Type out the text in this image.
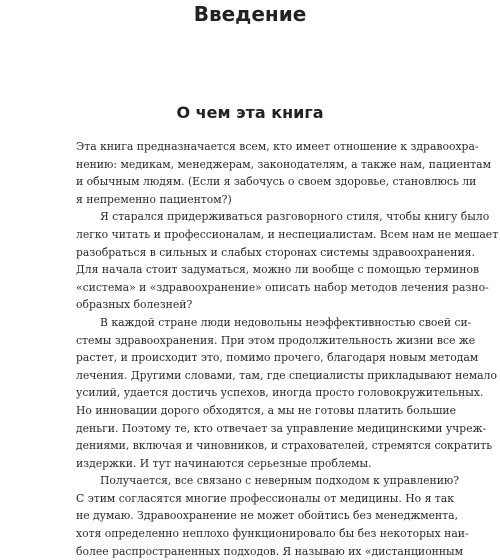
Введение
О чем эта книга

Эта книга предназначается всем, кто имеет отношение к здравоохра-
нению: медикам, менеджерам, законодателям, а также нам, пациентам
и обычным людям. (Если я забочусь о своем здоровье, становлюсь ли
я непременно пациентом?)

Я старался придерживаться разговорного стиля, чтобы книгу было
легко читать и профессионалам, и неспециалистам. Всем нам не мешает
разобраться в сильных и слабых сторонах системы здравоохранения.
Для начала стоит задуматься, можно ли вообще с помощью терминов
«система» и «здравоохранение» описать набор методов лечения разно-
образных болезней?

В каждой стране люди недовольны неэффективностью своей си-
стемы здравоохранения. При этом продолжительность жизни все же
растет, и происходит это, помимо прочего, благодаря новым методам
лечения. Другими словами, там, где специалисты прикладывают немало
усилий, удается достичь успехов, иногда просто головокружительных.
Но инновации дорого обходятся, а мы не готовы платить большие
деньги. Поэтому те, кто отвечает за управление медицинскими учреж-
дениями, включая и чиновников, и страхователей, стремятся сократить
издержки. И тут начинаются серьезные проблемы.

Получается, все связано с неверным подходом к управлению?
С этим согласятся многие профессионалы от медицины. Но я так
не думаю. Здравоохранение не может обойтись без менеджмента,
хотя определенно неплохо функционировало бы без некоторых наи-
более распространенных подходов. Я называю их «дистанционным
